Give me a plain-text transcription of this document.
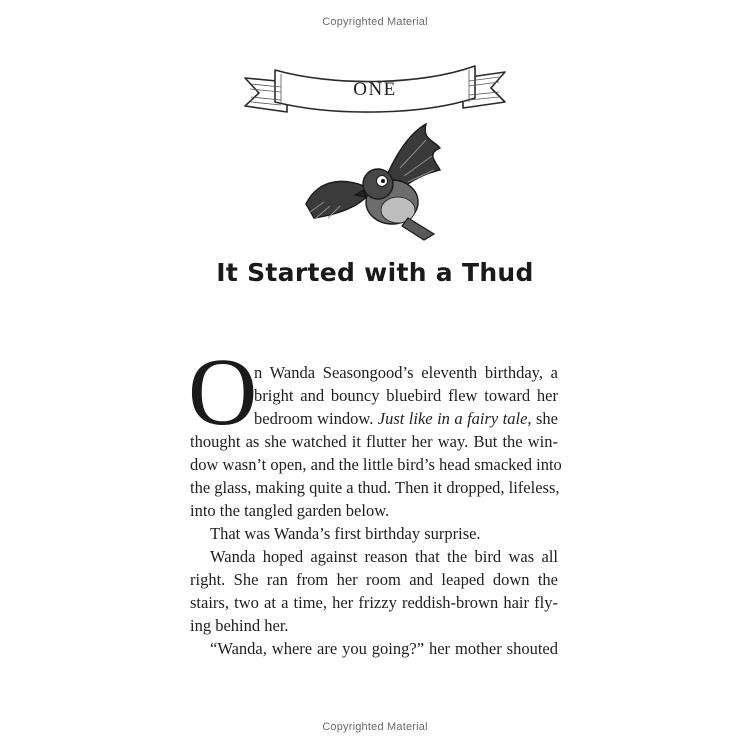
Copyrighted Material
ONE
It Started with a Thud
O

n Wanda Seasongood’s eleventh birthday, a

bright and bouncy bluebird flew toward her

bedroom window. Just like in a fairy tale, she

thought as she watched it flutter her way. But the win-

dow wasn’t open, and the little bird’s head smacked into

the glass, making quite a thud. Then it dropped, lifeless,

into the tangled garden below.

That was Wanda’s first birthday surprise.

Wanda hoped against reason that the bird was all

right. She ran from her room and leaped down the

stairs, two at a time, her frizzy reddish-brown hair fly-

ing behind her.

“Wanda, where are you going?” her mother shouted

Copyrighted Material
